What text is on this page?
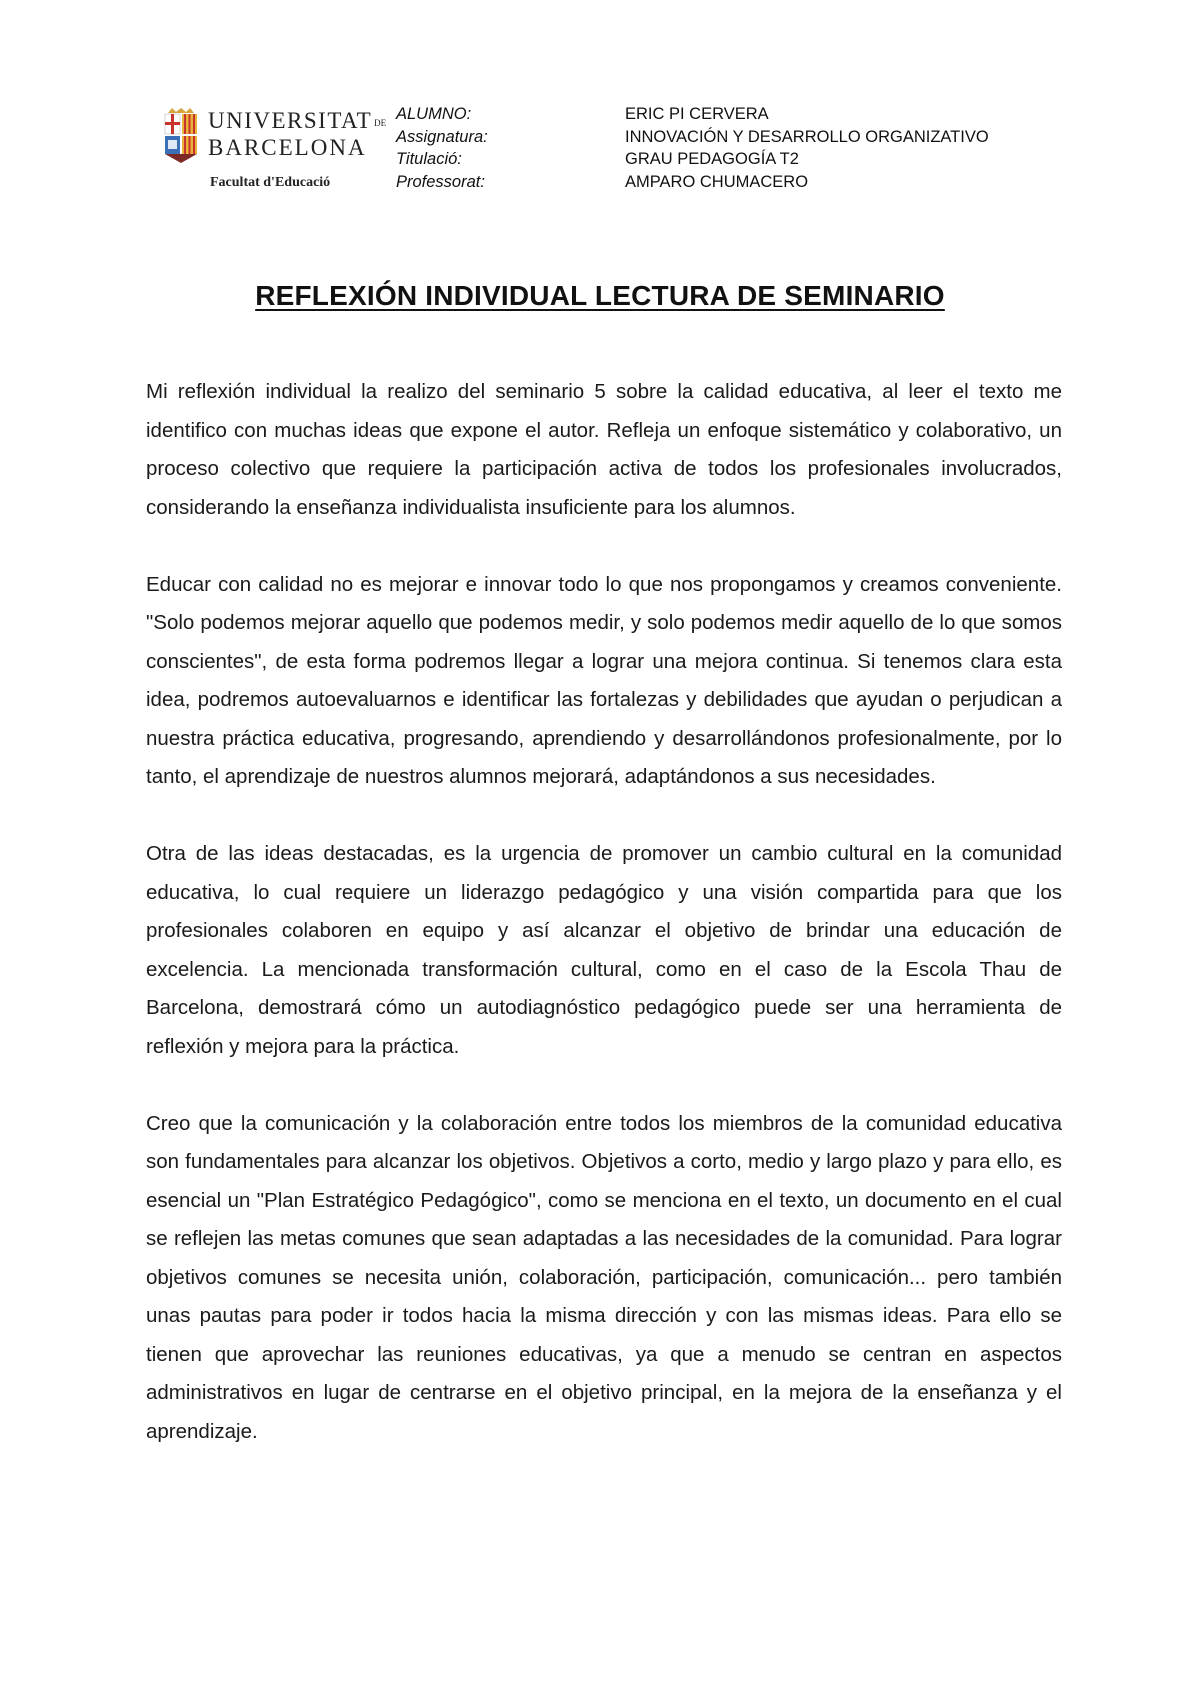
UNIVERSITAT DE
BARCELONA
Facultat d'Educació
ALUMNO:	ERIC PI CERVERA
Assignatura:	INNOVACIÓN Y DESARROLLO ORGANIZATIVO
Titulació:	GRAU PEDAGOGÍA T2
Professorat:	AMPARO CHUMACERO
REFLEXIÓN INDIVIDUAL LECTURA DE SEMINARIO

Mi reflexión individual la realizo del seminario 5 sobre la calidad educativa, al leer el texto me identifico con muchas ideas que expone el autor. Refleja un enfoque sistemático y colaborativo, un proceso colectivo que requiere la participación activa de todos los profesionales involucrados, considerando la enseñanza individualista insuficiente para los alumnos.

Educar con calidad no es mejorar e innovar todo lo que nos propongamos y creamos conveniente. "Solo podemos mejorar aquello que podemos medir, y solo podemos medir aquello de lo que somos conscientes", de esta forma podremos llegar a lograr una mejora continua. Si tenemos clara esta idea, podremos autoevaluarnos e identificar las fortalezas y debilidades que ayudan o perjudican a nuestra práctica educativa, progresando, aprendiendo y desarrollándonos profesionalmente, por lo tanto, el aprendizaje de nuestros alumnos mejorará, adaptándonos a sus necesidades.

Otra de las ideas destacadas, es la urgencia de promover un cambio cultural en la comunidad educativa, lo cual requiere un liderazgo pedagógico y una visión compartida para que los profesionales colaboren en equipo y así alcanzar el objetivo de brindar una educación de excelencia. La mencionada transformación cultural, como en el caso de la Escola Thau de Barcelona, demostrará cómo un autodiagnóstico pedagógico puede ser una herramienta de reflexión y mejora para la práctica.

Creo que la comunicación y la colaboración entre todos los miembros de la comunidad educativa son fundamentales para alcanzar los objetivos. Objetivos a corto, medio y largo plazo y para ello, es esencial un "Plan Estratégico Pedagógico", como se menciona en el texto, un documento en el cual se reflejen las metas comunes que sean adaptadas a las necesidades de la comunidad. Para lograr objetivos comunes se necesita unión, colaboración, participación, comunicación... pero también unas pautas para poder ir todos hacia la misma dirección y con las mismas ideas. Para ello se tienen que aprovechar las reuniones educativas, ya que a menudo se centran en aspectos administrativos en lugar de centrarse en el objetivo principal, en la mejora de la enseñanza y el aprendizaje.
